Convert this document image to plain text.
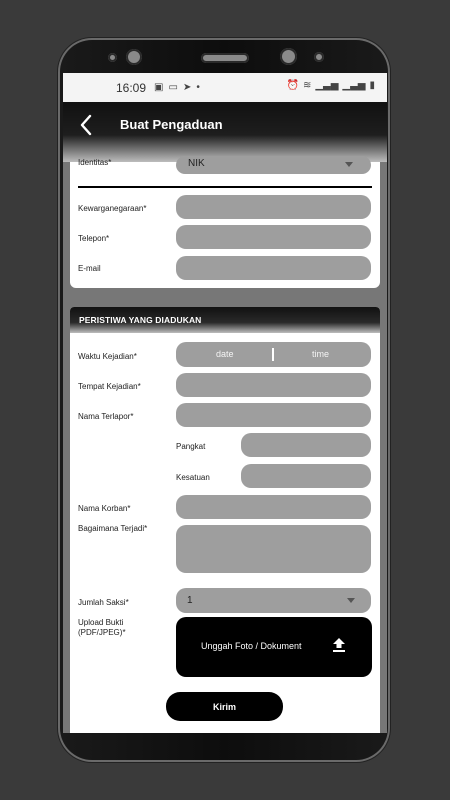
16:09 ▣ ▭ ➤ •	⏰ ≋ ▁▃▅ ▁▃▅ ▮
Buat Pengaduan
Identitas*	NIK
Kewarganegaraan*
Telepon*
E-mail
PERISTIWA YANG DIADUKAN
Waktu Kejadian*	date	time
Tempat Kejadian*
Nama Terlapor*
Pangkat
Kesatuan
Nama Korban*
Bagaimana Terjadi*
Jumlah Saksi*	1
Upload Bukti
(PDF/JPEG)*
Unggah Foto / Dokument
Kirim
